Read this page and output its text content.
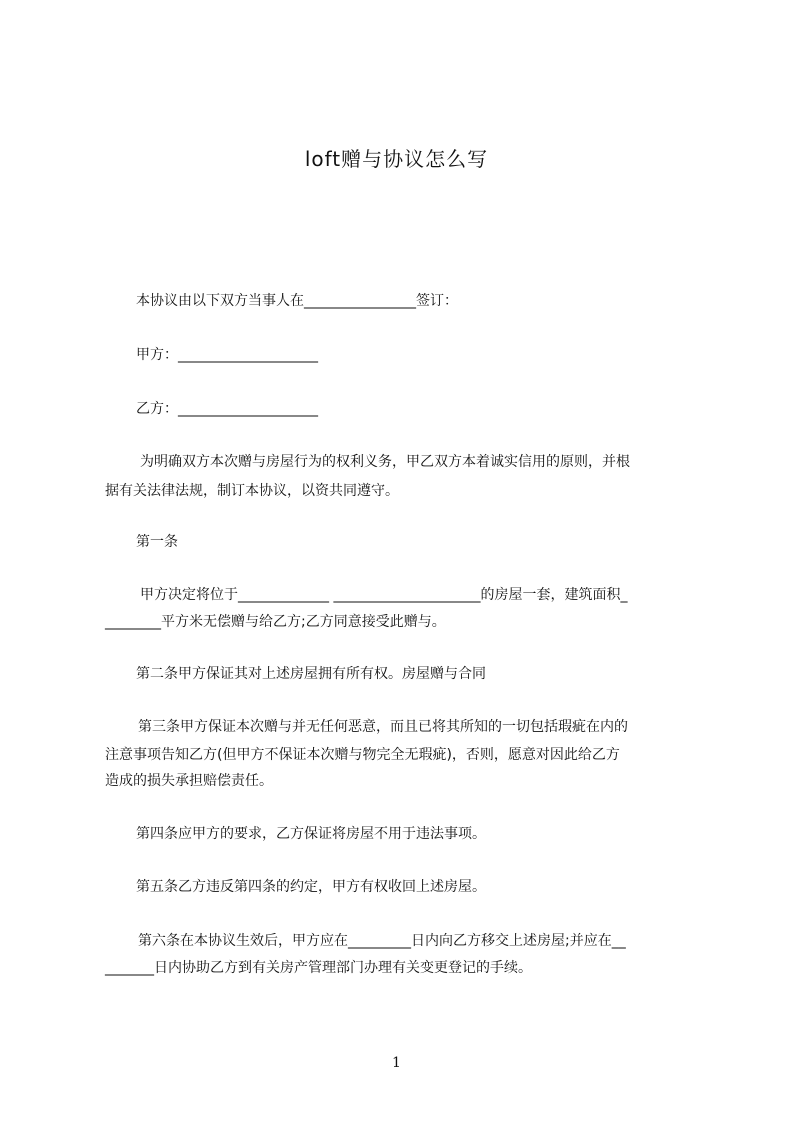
loft赠与协议怎么写
本协议由以下双方当事人在________________签订：
甲方：____________________
乙方：____________________
为明确双方本次赠与房屋行为的权利义务，甲乙双方本着诚实信用的原则，并根
据有关法律法规，制订本协议，以资共同遵守。
第一条
甲方决定将位于_____________ _____________________的房屋一套，建筑面积_
________平方米无偿赠与给乙方;乙方同意接受此赠与。
第二条甲方保证其对上述房屋拥有所有权。房屋赠与合同
第三条甲方保证本次赠与并无任何恶意，而且已将其所知的一切包括瑕疵在内的
注意事项告知乙方(但甲方不保证本次赠与物完全无瑕疵)，否则，愿意对因此给乙方
造成的损失承担赔偿责任。
第四条应甲方的要求，乙方保证将房屋不用于违法事项。
第五条乙方违反第四条的约定，甲方有权收回上述房屋。
第六条在本协议生效后，甲方应在_________日内向乙方移交上述房屋;并应在__
_______日内协助乙方到有关房产管理部门办理有关变更登记的手续。
1
